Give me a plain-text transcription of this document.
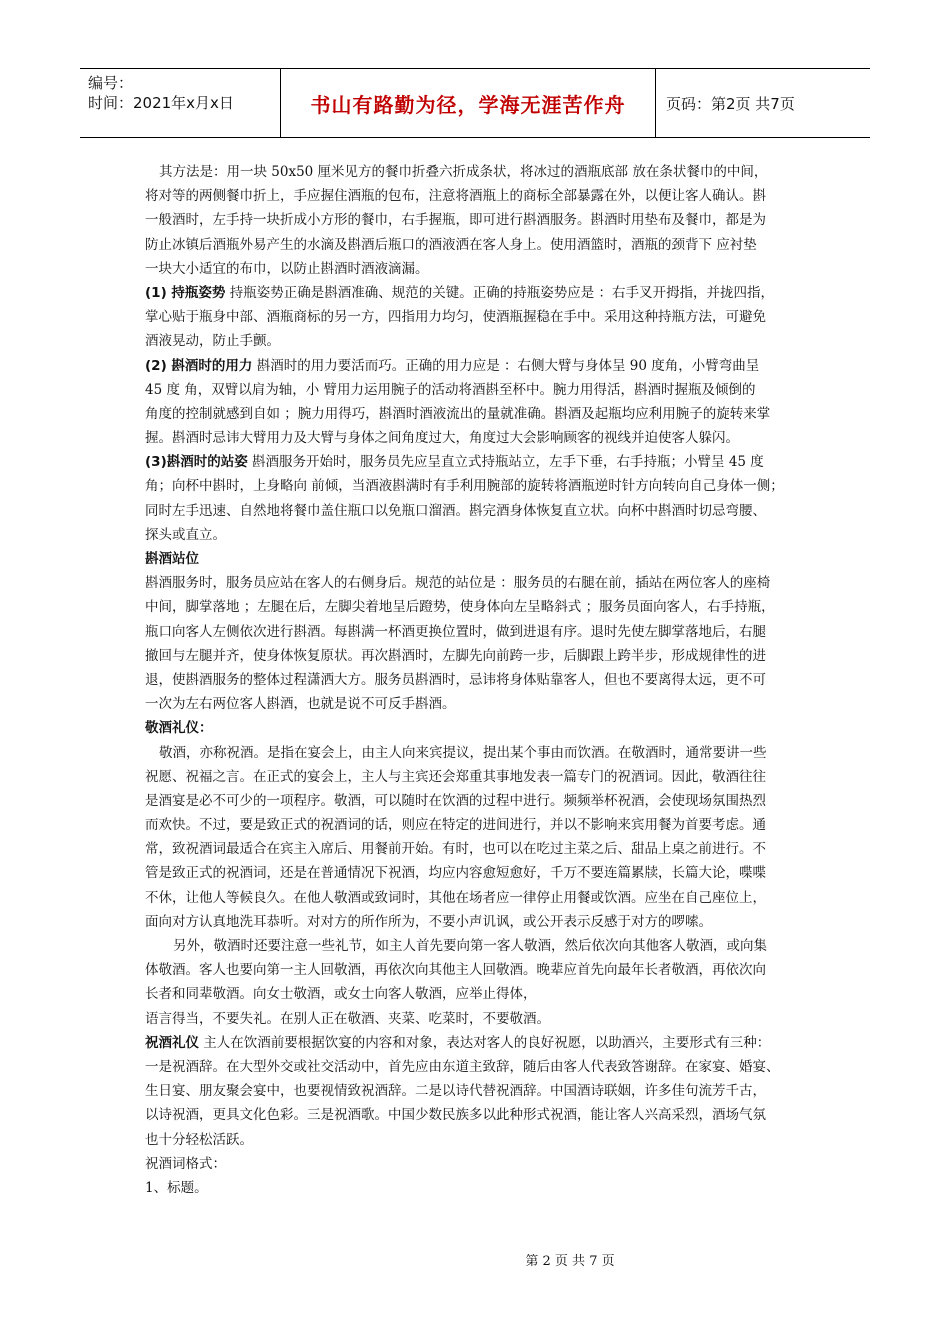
编号：
时间：2021年x月x日	书山有路勤为径，学海无涯苦作舟	页码：第2页 共7页
其方法是：用一块 50x50 厘米见方的餐巾折叠六折成条状，将冰过的酒瓶底部 放在条状餐巾的中间，
将对等的两侧餐巾折上，手应握住酒瓶的包布，注意将酒瓶上的商标全部暴露在外，以便让客人确认。斟
一般酒时，左手持一块折成小方形的餐巾，右手握瓶，即可进行斟酒服务。斟酒时用垫布及餐巾，都是为
防止冰镇后酒瓶外易产生的水滴及斟酒后瓶口的酒液洒在客人身上。使用酒篮时，酒瓶的颈背下 应衬垫
一块大小适宜的布巾，以防止斟酒时酒液滴漏。
(1) 持瓶姿势 持瓶姿势正确是斟酒准确、规范的关键。正确的持瓶姿势应是 ：右手叉开拇指，并拢四指，
掌心贴于瓶身中部、酒瓶商标的另一方，四指用力均匀，使酒瓶握稳在手中。采用这种持瓶方法，可避免
酒液晃动，防止手颤。
(2) 斟酒时的用力 斟酒时的用力要活而巧。正确的用力应是 ：右侧大臂与身体呈 90 度角，小臂弯曲呈
45 度 角，双臂以肩为轴，小 臂用力运用腕子的活动将酒斟至杯中。腕力用得活，斟酒时握瓶及倾倒的
角度的控制就感到自如 ；腕力用得巧，斟酒时酒液流出的量就准确。斟酒及起瓶均应利用腕子的旋转来掌
握。斟酒时忌讳大臂用力及大臂与身体之间角度过大，角度过大会影响顾客的视线并迫使客人躲闪。
(3)斟酒时的站姿 斟酒服务开始时，服务员先应呈直立式持瓶站立，左手下垂，右手持瓶；小臂呈 45 度
角；向杯中斟时，上身略向 前倾，当酒液斟满时有手利用腕部的旋转将酒瓶逆时针方向转向自己身体一侧；
同时左手迅速、自然地将餐巾盖住瓶口以免瓶口溜酒。斟完酒身体恢复直立状。向杯中斟酒时切忌弯腰、
探头或直立。
斟酒站位
斟酒服务时，服务员应站在客人的右侧身后。规范的站位是 ：服务员的右腿在前，插站在两位客人的座椅
中间，脚掌落地 ；左腿在后，左脚尖着地呈后蹬势，使身体向左呈略斜式 ；服务员面向客人，右手持瓶，
瓶口向客人左侧依次进行斟酒。每斟满一杯酒更换位置时，做到进退有序。退时先使左脚掌落地后，右腿
撤回与左腿并齐，使身体恢复原状。再次斟酒时，左脚先向前跨一步，后脚跟上跨半步，形成规律性的进
退，使斟酒服务的整体过程潇洒大方。服务员斟酒时，忌讳将身体贴靠客人，但也不要离得太远，更不可
一次为左右两位客人斟酒，也就是说不可反手斟酒。
敬酒礼仪：
敬酒，亦称祝酒。是指在宴会上，由主人向来宾提议，提出某个事由而饮酒。在敬酒时，通常要讲一些
祝愿、祝福之言。在正式的宴会上，主人与主宾还会郑重其事地发表一篇专门的祝酒词。因此，敬酒往往
是酒宴是必不可少的一项程序。敬酒，可以随时在饮酒的过程中进行。频频举杯祝酒，会使现场氛围热烈
而欢快。不过，要是致正式的祝酒词的话，则应在特定的进间进行，并以不影响来宾用餐为首要考虑。通
常，致祝酒词最适合在宾主入席后、用餐前开始。有时，也可以在吃过主菜之后、甜品上桌之前进行。不
管是致正式的祝酒词，还是在普通情况下祝酒，均应内容愈短愈好，千万不要连篇累牍，长篇大论，喋喋
不休，让他人等候良久。在他人敬酒或致词时，其他在场者应一律停止用餐或饮酒。应坐在自己座位上，
面向对方认真地洗耳恭听。对对方的所作所为，不要小声讥讽，或公开表示反感于对方的啰嗦。
另外，敬酒时还要注意一些礼节，如主人首先要向第一客人敬酒，然后依次向其他客人敬酒，或向集
体敬酒。客人也要向第一主人回敬酒，再依次向其他主人回敬酒。晚辈应首先向最年长者敬酒，再依次向
长者和同辈敬酒。向女士敬酒，或女士向客人敬酒，应举止得体，
语言得当，不要失礼。在别人正在敬酒、夹菜、吃菜时，不要敬酒。
祝酒礼仪 主人在饮酒前要根据饮宴的内容和对象，表达对客人的良好祝愿，以助酒兴，主要形式有三种：
一是祝酒辞。在大型外交或社交活动中，首先应由东道主致辞，随后由客人代表致答谢辞。在家宴、婚宴、
生日宴、朋友聚会宴中，也要视情致祝酒辞。二是以诗代替祝酒辞。中国酒诗联姻，许多佳句流芳千古，
以诗祝酒，更具文化色彩。三是祝酒歌。中国少数民族多以此种形式祝酒，能让客人兴高采烈，酒场气氛
也十分轻松活跃。
祝酒词格式：
1、标题。
第 2 页 共 7 页
